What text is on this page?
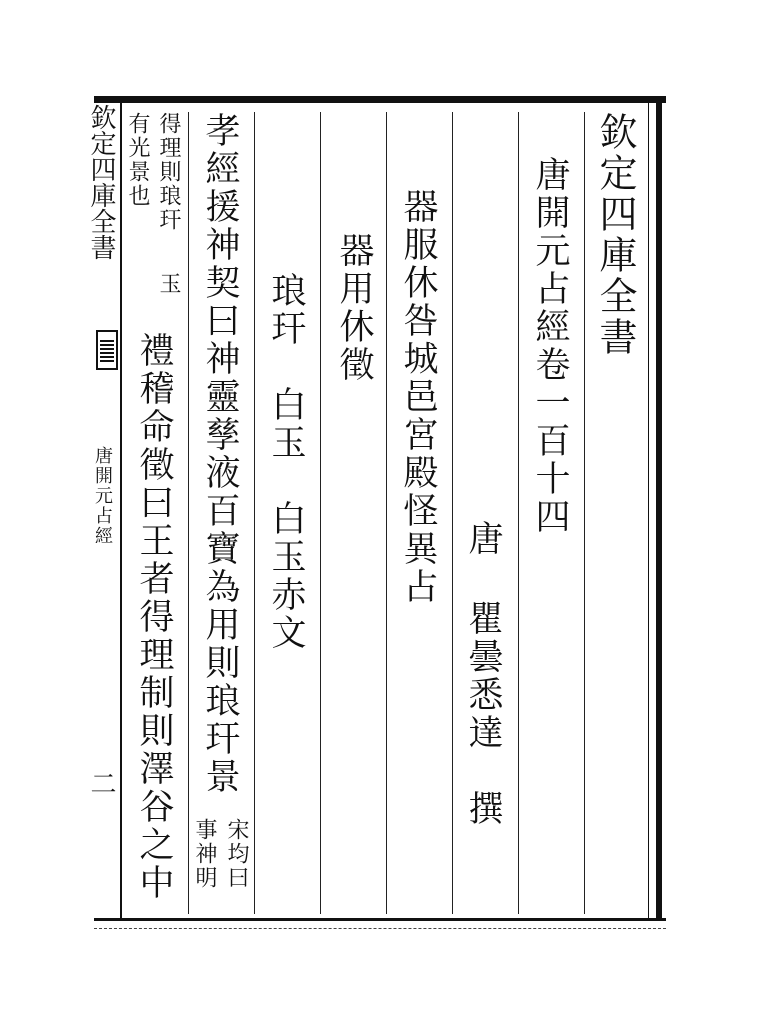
欽定四庫全書
唐開元占經卷一百十四
唐
瞿曇悉達
撰
器服休咎城邑宮殿怪異占
器用休徵
琅玕　白玉　白玉赤文
孝經援神契曰神靈孳液百寶為用則琅玕景
宋均曰
事神明
得理則琅玕
玉
有光景也
禮稽命徵曰王者得理制則澤谷之中
欽定四庫全書
唐開元占經
二
